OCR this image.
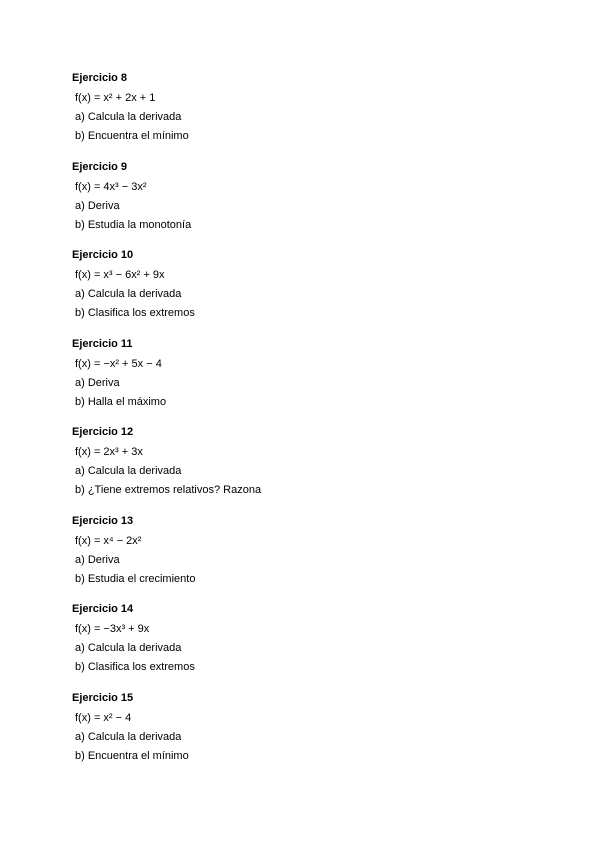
Ejercicio 8
f(x) = x² + 2x + 1
a) Calcula la derivada
b) Encuentra el mínimo
Ejercicio 9
f(x) = 4x³ − 3x²
a) Deriva
b) Estudia la monotonía
Ejercicio 10
f(x) = x³ − 6x² + 9x
a) Calcula la derivada
b) Clasifica los extremos
Ejercicio 11
f(x) = −x² + 5x − 4
a) Deriva
b) Halla el máximo
Ejercicio 12
f(x) = 2x³ + 3x
a) Calcula la derivada
b) ¿Tiene extremos relativos? Razona
Ejercicio 13
f(x) = x⁴ − 2x²
a) Deriva
b) Estudia el crecimiento
Ejercicio 14
f(x) = −3x³ + 9x
a) Calcula la derivada
b) Clasifica los extremos
Ejercicio 15
f(x) = x² − 4
a) Calcula la derivada
b) Encuentra el mínimo
